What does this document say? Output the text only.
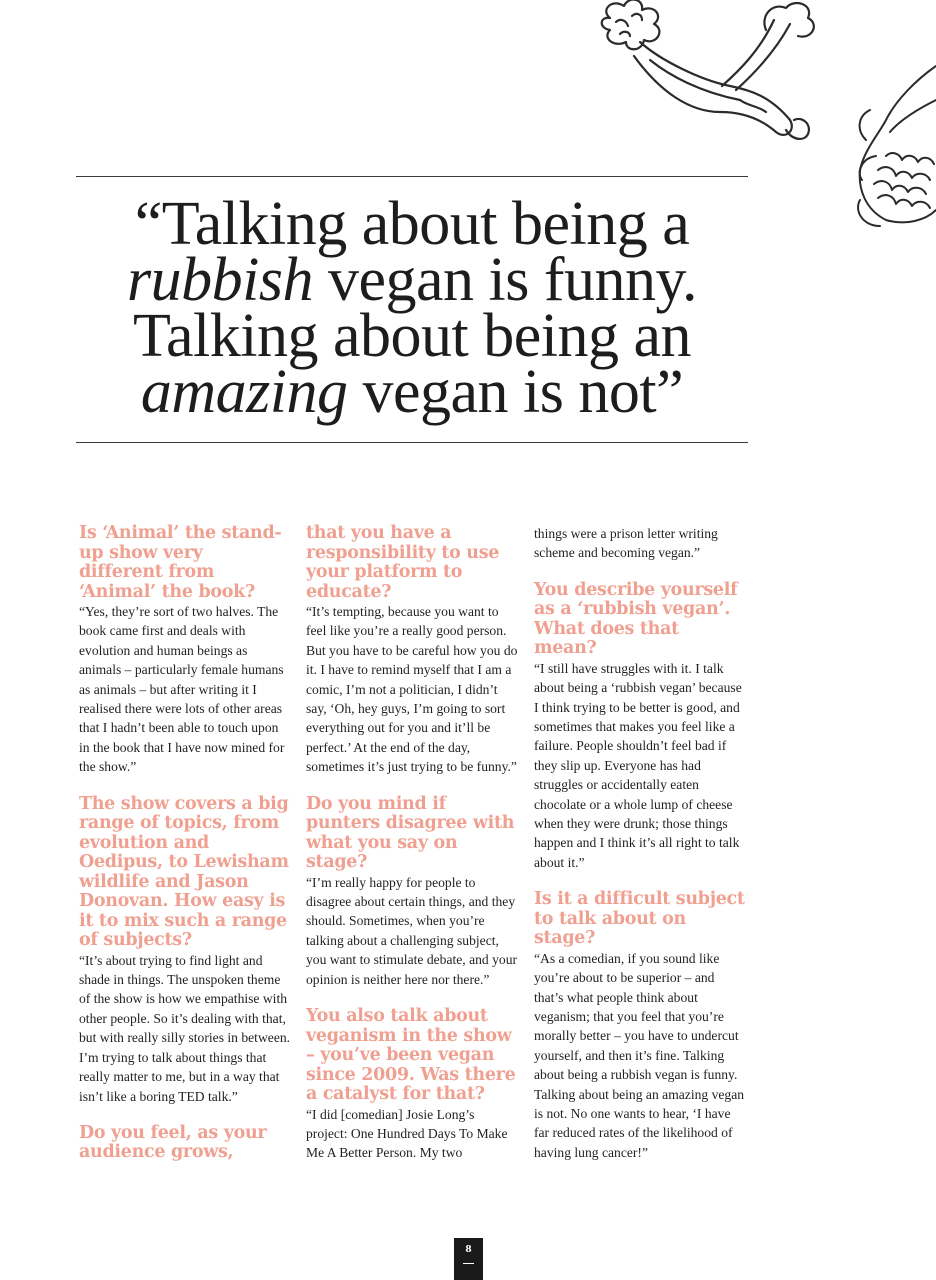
“Talking about being a
rubbish vegan is funny.
Talking about being an
amazing vegan is not”

Is ‘Animal’ the stand-up show very different from ‘Animal’ the book?

“Yes, they’re sort of two halves. The book came first and deals with evolution and human beings as animals – particularly female humans as animals – but after writing it I realised there were lots of other areas that I hadn’t been able to touch upon in the book that I have now mined for the show.”

The show covers a big range of topics, from evolution and Oedipus, to Lewisham wildlife and Jason Donovan. How easy is it to mix such a range of subjects?

“It’s about trying to find light and shade in things. The unspoken theme of the show is how we empathise with other people. So it’s dealing with that, but with really silly stories in between. I’m trying to talk about things that really matter to me, but in a way that isn’t like a boring TED talk.”

Do you feel, as your audience grows,

that you have a responsibility to use your platform to educate?

“It’s tempting, because you want to feel like you’re a really good person. But you have to be careful how you do it. I have to remind myself that I am a comic, I’m not a politician, I didn’t say, ‘Oh, hey guys, I’m going to sort everything out for you and it’ll be perfect.’ At the end of the day, sometimes it’s just trying to be funny.”

Do you mind if punters disagree with what you say on stage?

“I’m really happy for people to disagree about certain things, and they should. Sometimes, when you’re talking about a challenging subject, you want to stimulate debate, and your opinion is neither here nor there.”

You also talk about veganism in the show – you’ve been vegan since 2009. Was there a catalyst for that?

“I did [comedian] Josie Long’s project: One Hundred Days To Make Me A Better Person. My two

things were a prison letter writing scheme and becoming vegan.”

You describe yourself as a ‘rubbish vegan’. What does that mean?

“I still have struggles with it. I talk about being a ‘rubbish vegan’ because I think trying to be better is good, and sometimes that makes you feel like a failure. People shouldn’t feel bad if they slip up. Everyone has had struggles or accidentally eaten chocolate or a whole lump of cheese when they were drunk; those things happen and I think it’s all right to talk about it.”

Is it a difficult subject to talk about on stage?

“As a comedian, if you sound like you’re about to be superior – and that’s what people think about veganism; that you feel that you’re morally better – you have to undercut yourself, and then it’s fine. Talking about being a rubbish vegan is funny. Talking about being an amazing vegan is not. No one wants to hear, ‘I have far reduced rates of the likelihood of having lung cancer!”

8
